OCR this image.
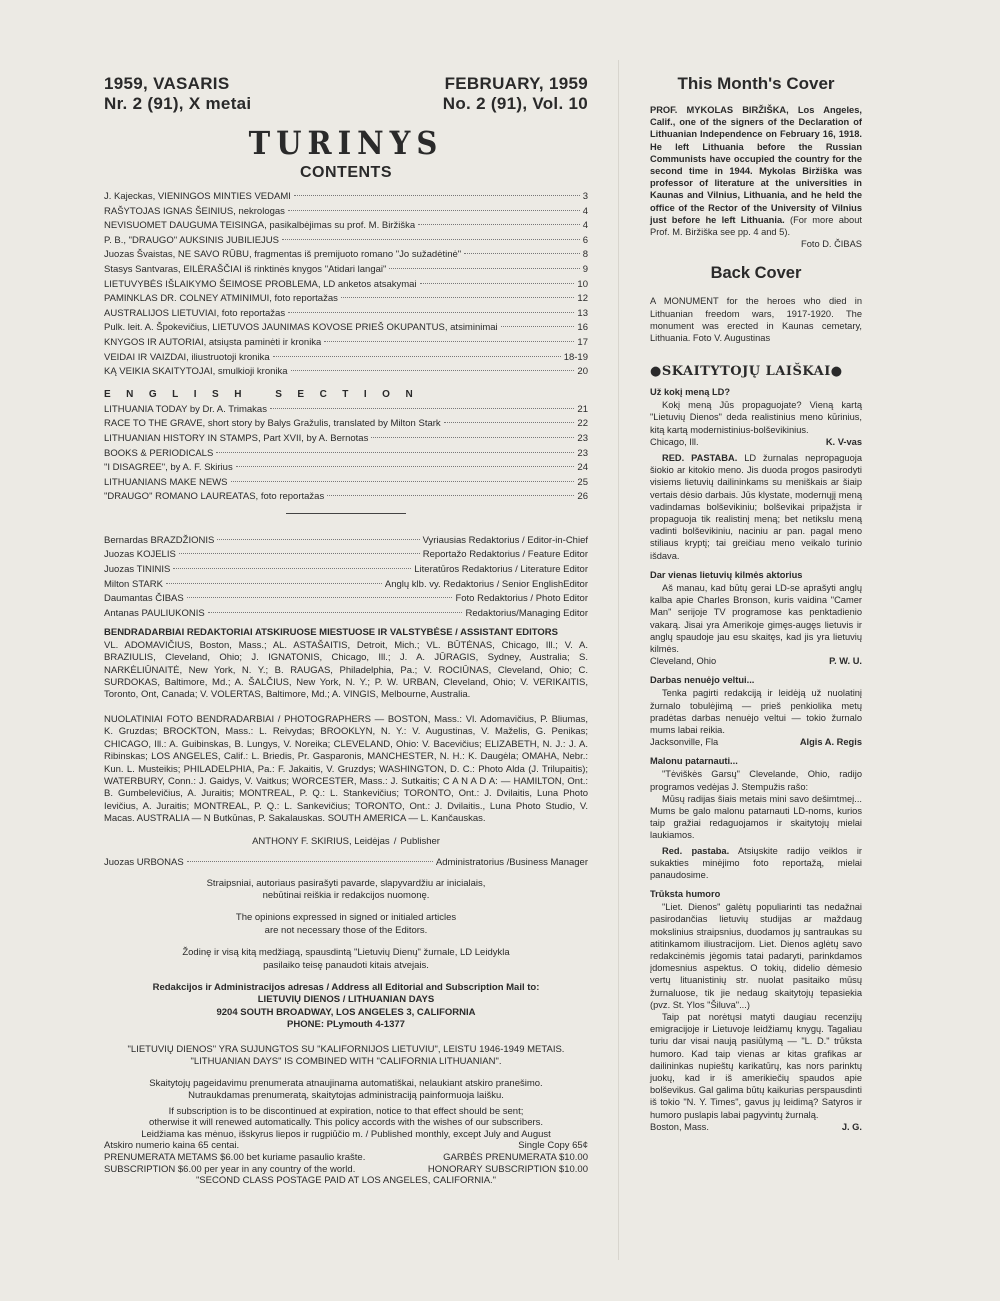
1959, VASARIS
Nr. 2 (91), X metai
FEBRUARY, 1959
No. 2 (91), Vol. 10
TURINYS
CONTENTS
J. Kajeckas, VIENINGOS MINTIES VEDAMI	3
RAŠYTOJAS IGNAS ŠEINIUS, nekrologas	4
NEVISUOMET DAUGUMA TEISINGA, pasikalbėjimas su prof. M. Biržiška	4
P. B., "DRAUGO" AUKSINIS JUBILIEJUS	6
Juozas Švaistas, NE SAVO RŪBU, fragmentas iš premijuoto romano "Jo sužadėtinė"	8
Stasys Santvaras, EILĖRAŠČIAI iš rinktinės knygos "Atidari langai"	9
LIETUVYBĖS IŠLAIKYMO ŠEIMOSE PROBLEMA, LD anketos atsakymai	10
PAMINKLAS DR. COLNEY ATMINIMUI, foto reportažas	12
AUSTRALIJOS LIETUVIAI, foto reportažas	13
Pulk. leit. A. Špokevičius, LIETUVOS JAUNIMAS KOVOSE PRIEŠ OKUPANTUS, atsiminimai	16
KNYGOS IR AUTORIAI, atsiųsta paminėti ir kronika	17
VEIDAI IR VAIZDAI, iliustruotoji kronika	18-19
KĄ VEIKIA SKAITYTOJAI, smulkioji kronika	20
ENGLISH SECTION
LITHUANIA TODAY by Dr. A. Trimakas	21
RACE TO THE GRAVE, short story by Balys Gražulis, translated by Milton Stark	22
LITHUANIAN HISTORY IN STAMPS, Part XVII, by A. Bernotas	23
BOOKS & PERIODICALS	23
"I DISAGREE", by A. F. Skirius	24
LITHUANIANS MAKE NEWS	25
"DRAUGO" ROMANO LAUREATAS, foto reportažas	26
Bernardas BRAZDŽIONIS	Vyriausias Redaktorius / Editor-in-Chief
Juozas KOJELIS	Reportažo Redaktorius / Feature Editor
Juozas TININIS	Literatūros Redaktorius / Literature Editor
Milton STARK	Anglų klb. vy. Redaktorius / Senior EnglishEditor
Daumantas ČIBAS	Foto Redaktorius / Photo Editor
Antanas PAULIUKONIS	Redaktorius/Managing Editor
BENDRADARBIAI REDAKTORIAI ATSKIRUOSE MIESTUOSE IR VALSTYBĖSE / ASSISTANT EDITORS
VL. ADOMAVIČIUS, Boston, Mass.; AL. ASTAŠAITIS, Detroit, Mich.; VL. BŪTĖNAS, Chicago, Ill.; V. A. BRAZIULIS, Cleveland, Ohio; J. IGNATONIS, Chicago, Ill.; J. A. JŪRAGIS, Sydney, Australia; S. NARKĖLIŪNAITĖ, New York, N. Y.; B. RAUGAS, Philadelphia, Pa.; V. ROCIŪNAS, Cleveland, Ohio; C. SURDOKAS, Baltimore, Md.; A. ŠALČIUS, New York, N. Y.; P. W. URBAN, Cleveland, Ohio; V. VERIKAITIS, Toronto, Ont, Canada; V. VOLERTAS, Baltimore, Md.; A. VINGIS, Melbourne, Australia.
NUOLATINIAI FOTO BENDRADARBIAI / PHOTOGRAPHERS — BOSTON, Mass.: Vl. Adomavičius, P. Bliumas, K. Gruzdas; BROCKTON, Mass.: L. Reivydas; BROOKLYN, N. Y.: V. Augustinas, V. Maželis, G. Penikas; CHICAGO, Ill.: A. Guibinskas, B. Lungys, V. Noreika; CLEVELAND, Ohio: V. Bacevičius; ELIZABETH, N. J.: J. A. Ribinskas; LOS ANGELES, Calif.: L. Briedis, Pr. Gasparonis, MANCHESTER, N. H.: K. Daugėla; OMAHA, Nebr.: Kun. L. Musteikis; PHILADELPHIA, Pa.: F. Jakaitis, V. Gruzdys; WASHINGTON, D. C.: Photo Alda (J. Trilupaitis); WATERBURY, Conn.: J. Gaidys, V. Vaitkus; WORCESTER, Mass.: J. Sutkaitis; C A N A D A: — HAMILTON, Ont.: B. Gumbelevičius, A. Juraitis; MONTREAL, P. Q.: L. Stankevičius; TORONTO, Ont.: J. Dvilaitis, Luna Photo Ievičius, A. Juraitis; MONTREAL, P. Q.: L. Sankevičius; TORONTO, Ont.: J. Dvilaitis., Luna Photo Studio, V. Macas. AUSTRALIA — N Butkūnas, P. Sakalauskas. SOUTH AMERICA — L. Kančauskas.
ANTHONY F. SKIRIUS, Leidėjas / Publisher
Juozas URBONAS	Administratorius /Business Manager
Straipsniai, autoriaus pasirašyti pavarde, slapyvardžiu ar inicialais,
nebūtinai reiškia ir redakcijos nuomonę.
The opinions expressed in signed or initialed articles
are not necessary those of the Editors.
Žodinę ir visą kitą medžiagą, spausdintą "Lietuvių Dienų" žurnale, LD Leidykla
pasilaiko teisę panaudoti kitais atvejais.
Redakcijos ir Administracijos adresas / Address all Editorial and Subscription Mail to:
LIETUVIŲ DIENOS / LITHUANIAN DAYS
9204 SOUTH BROADWAY, LOS ANGELES 3, CALIFORNIA
PHONE: PLymouth 4-1377
"LIETUVIŲ DIENOS" YRA SUJUNGTOS SU "KALIFORNIJOS LIETUVIU", LEISTU 1946-1949 METAIS.
"LITHUANIAN DAYS" IS COMBINED WITH "CALIFORNIA LITHUANIAN".
Skaitytojų pageidavimu prenumerata atnaujinama automatiškai, nelaukiant atskiro pranešimo.
Nutraukdamas prenumeratą, skaitytojas administraciją painformuoja laišku.
If subscription is to be discontinued at expiration, notice to that effect should be sent;
otherwise it will renewed automatically. This policy accords with the wishes of our subscribers.
Leidžiama kas mėnuo, išskyrus liepos ir rugpiūčio m. / Published monthly, except July and August
Atskiro numerio kaina 65 centai.	Single Copy 65¢
PRENUMERATA METAMS $6.00 bet kuriame pasaulio krašte.	GARBĖS PRENUMERATA $10.00
SUBSCRIPTION $6.00 per year in any country of the world.	HONORARY SUBSCRIPTION $10.00
"SECOND CLASS POSTAGE PAID AT LOS ANGELES, CALIFORNIA."
This Month's Cover
PROF. MYKOLAS BIRŽIŠKA, Los Angeles, Calif., one of the signers of the Declaration of Lithuanian Independence on February 16, 1918. He left Lithuania before the Russian Communists have occupied the country for the second time in 1944. Mykolas Biržiška was professor of literature at the universities in Kaunas and Vilnius, Lithuania, and he held the office of the Rector of the University of Vilnius just before he left Lithuania. (For more about Prof. M. Biržiška see pp. 4 and 5).
Foto D. ČIBAS
Back Cover
A MONUMENT for the heroes who died in Lithuanian freedom wars, 1917-1920. The monument was erected in Kaunas cemetary, Lithuania. Foto V. Augustinas
●SKAITYTOJŲ LAIŠKAI●
Už kokį meną LD?
Kokį meną Jūs propaguojate? Vieną kartą "Lietuvių Dienos" deda realistinius meno kūrinius, kitą kartą modernistinius-bolševikinius.
Chicago, Ill.	K. V-vas
RED. PASTABA. LD žurnalas nepropaguoja šiokio ar kitokio meno. Jis duoda progos pasirodyti visiems lietuvių dailininkams su meniškais ar šiaip vertais dėsio darbais. Jūs klystate, modernųjį meną vadindamas bolševikiniu; bolševikai pripažįsta ir propaguoja tik realistinį meną; bet netikslu meną vadinti bolševikiniu, naciniu ar pan. pagal meno stiliaus kryptį; tai greičiau meno veikalo turinio išdava.
Dar vienas lietuvių kilmės aktorius
Aš manau, kad būtų gerai LD-se aprašyti anglų kalba apie Charles Bronson, kuris vaidina "Camer Man" serijoje TV programose kas penktadienio vakarą. Jisai yra Amerikoje gimęs-augęs lietuvis ir anglų spaudoje jau esu skaitęs, kad jis yra lietuvių kilmės.
Cleveland, Ohio	P. W. U.
Darbas nenuėjo veltui...
Tenka pagirti redakciją ir leidėją už nuolatinį žurnalo tobulėjimą — prieš penkiolika metų pradėtas darbas nenuėjo veltui — tokio žurnalo mums labai reikia.
Jacksonville, Fla	Algis A. Regis
Malonu patarnauti...
"Tėviškės Garsų" Clevelande, Ohio, radijo programos vedėjas J. Stempužis rašo:
Mūsų radijas šiais metais mini savo dešimtmeį... Mums be galo malonu patarnauti LD-noms, kurios taip gražiai redaguojamos ir skaitytojų mielai laukiamos.
Red. pastaba. Atsiųskite radijo veiklos ir sukakties minėjimo foto reportažą, mielai panaudosime.
Trūksta humoro
"Liet. Dienos" galėtų populiarinti tas nedažnai pasirodančias lietuvių studijas ar maždaug mokslinius straipsnius, duodamos jų santraukas su atitinkamom iliustracijom. Liet. Dienos aglėtų savo redakcinėmis jėgomis tatai padaryti, parinkdamos įdomesnius aspektus. O tokių, didelio dėmesio vertų lituanistinių str. nuolat pasitaiko mūsų žurnaluose, tik jie nedaug skaitytojų tepasiekia (pvz. St. Ylos "Šiluva"...)
Taip pat norėtųsi matyti daugiau recenzijų emigracijoje ir Lietuvoje leidžiamų knygų. Tagaliau turiu dar visai naują pasiūlymą — "L. D." trūksta humoro. Kad taip vienas ar kitas grafikas ar dailininkas nupieštų karikatūrų, kas nors parinktų juokų, kad ir iš amerikiečių spaudos apie bolševikus. Gal galima būtų kaikurias perspausdinti iš tokio "N. Y. Times", gavus jų leidimą? Satyros ir humoro puslapis labai pagyvintų žurnalą.
Boston, Mass.	J. G.
